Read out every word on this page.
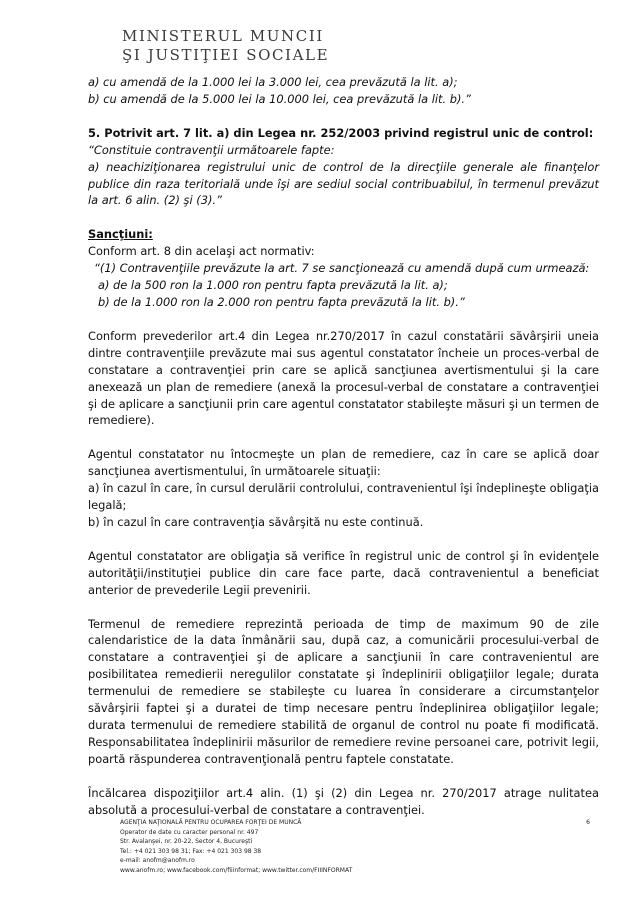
MINISTERUL MUNCII
ŞI JUSTIŢIEI SOCIALE

a) cu amendă de la 1.000 lei la 3.000 lei, cea prevăzută la lit. a);

b) cu amendă de la 5.000 lei la 10.000 lei, cea prevăzută la lit. b).”

5. Potrivit art. 7 lit. a) din Legea nr. 252/2003 privind registrul unic de control:

“Constituie contravenţii următoarele fapte:

a) neachiziţionarea registrului unic de control de la direcţiile generale ale finanţelor publice din raza teritorială unde îşi are sediul social contribuabilul, în termenul prevăzut la art. 6 alin. (2) şi (3).”

Sancţiuni:

Conform art. 8 din acelaşi act normativ:

“(1) Contravenţiile prevăzute la art. 7 se sancţionează cu amendă după cum urmează:

a) de la 500 ron la 1.000 ron pentru fapta prevăzută la lit. a);

b) de la 1.000 ron la 2.000 ron pentru fapta prevăzută la lit. b).”

Conform prevederilor art.4 din Legea nr.270/2017 în cazul constatării săvârşirii uneia dintre contravenţiile prevăzute mai sus agentul constatator încheie un proces-verbal de constatare a contravenţiei prin care se aplică sancţiunea avertismentului şi la care anexează un plan de remediere (anexă la procesul-verbal de constatare a contravenţiei şi de aplicare a sancţiunii prin care agentul constatator stabileşte măsuri şi un termen de remediere).

Agentul constatator nu întocmeşte un plan de remediere, caz în care se aplică doar sancţiunea avertismentului, în următoarele situaţii:

a) în cazul în care, în cursul derulării controlului, contravenientul îşi îndeplineşte obligaţia legală;

b) în cazul în care contravenţia săvârşită nu este continuă.

Agentul constatator are obligaţia să verifice în registrul unic de control şi în evidenţele autorităţii/instituţiei publice din care face parte, dacă contravenientul a beneficiat anterior de prevederile Legii prevenirii.

Termenul de remediere reprezintă perioada de timp de maximum 90 de zile calendaristice de la data înmânării sau, după caz, a comunicării procesului-verbal de constatare a contravenţiei şi de aplicare a sancţiunii în care contravenientul are posibilitatea remedierii neregulilor constatate şi îndeplinirii obligaţiilor legale; durata termenului de remediere se stabileşte cu luarea în considerare a circumstanţelor săvârşirii faptei şi a duratei de timp necesare pentru îndeplinirea obligaţiilor legale; durata termenului de remediere stabilită de organul de control nu poate fi modificată. Responsabilitatea îndeplinirii măsurilor de remediere revine persoanei care, potrivit legii, poartă răspunderea contravenţională pentru faptele constatate.

Încălcarea dispoziţiilor art.4 alin. (1) şi (2) din Legea nr. 270/2017 atrage nulitatea absolută a procesului-verbal de constatare a contravenţiei.

AGENŢIA NAŢIONALĂ PENTRU OCUPAREA FORŢEI DE MUNCĂ	6
Operator de date cu caracter personal nr. 497
Str. Avalanşei, nr. 20-22, Sector 4, Bucureşti
Tel.: +4 021 303 98 31; Fax: +4 021 303 98 38
e-mail: anofm@anofm.ro
www.anofm.ro; www.facebook.com/fiiinformat; www.twitter.com/FIIINFORMAT
